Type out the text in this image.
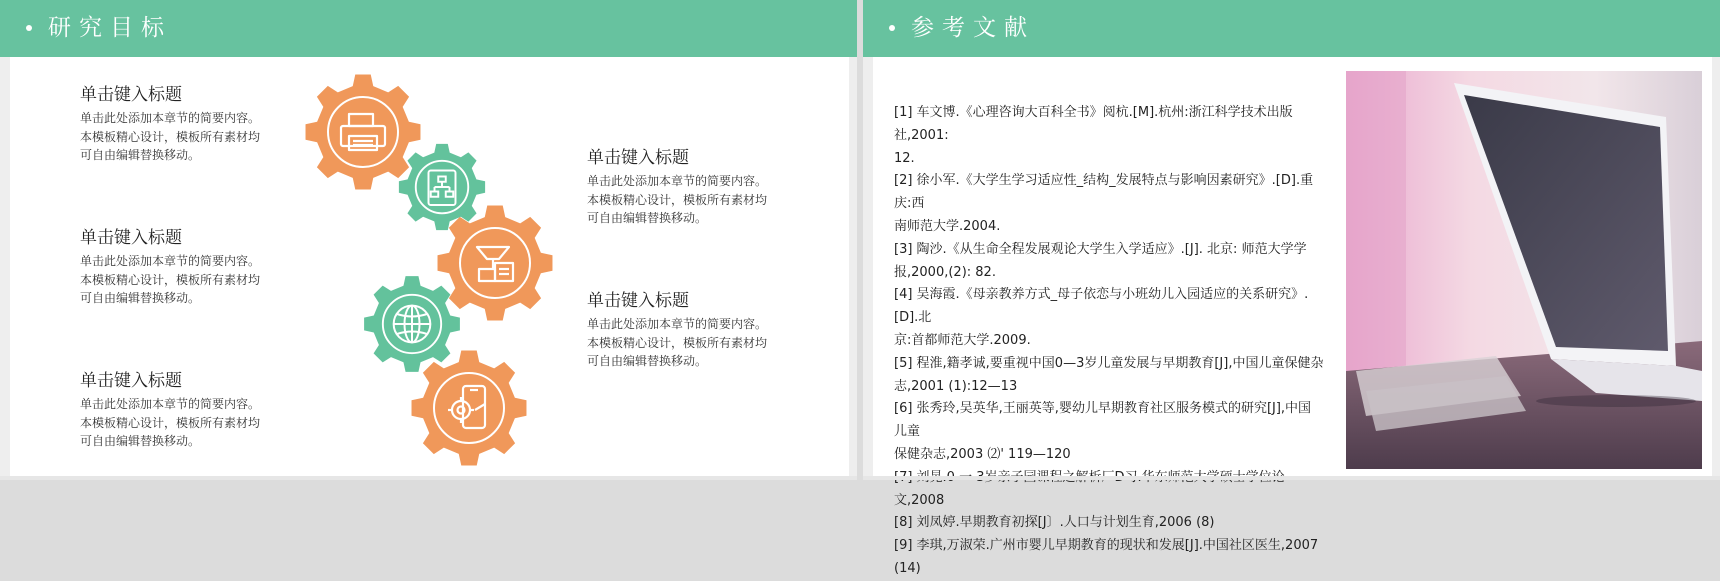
研究目标
单击键入标题
单击此处添加本章节的简要内容。
本模板精心设计，模板所有素材均
可自由编辑替换移动。
单击键入标题
单击此处添加本章节的简要内容。
本模板精心设计，模板所有素材均
可自由编辑替换移动。
单击键入标题
单击此处添加本章节的简要内容。
本模板精心设计，模板所有素材均
可自由编辑替换移动。
单击键入标题
单击此处添加本章节的简要内容。
本模板精心设计，模板所有素材均
可自由编辑替换移动。
单击键入标题
单击此处添加本章节的简要内容。
本模板精心设计，模板所有素材均
可自由编辑替换移动。
参考文献
[1] 车文博.《心理咨询大百科全书》阅杭.[M].杭州:浙江科学技术出版社,2001:
12.
[2] 徐小军.《大学生学习适应性_结构_发展特点与影响因素研究》.[D].重庆:西
南师范大学.2004.
[3] 陶沙.《从生命全程发展观论大学生入学适应》.[J]. 北京: 师范大学学
报,2000,(2): 82.
[4] 吴海霞.《母亲教养方式_母子依恋与小班幼儿入园适应的关系研究》.[D].北
京:首都师范大学.2009.
[5] 程淮,籍孝诚,要重视中国0—3岁儿童发展与早期教育[J],中国儿童保健杂
志,2001 (1):12—13
[6] 张秀玲,吴英华,王丽英等,婴幼儿早期教育社区服务模式的研究[J],中国儿童
保健杂志,2003 ⑵' 119—120
文,2008
[8] 刘凤婷.早期教育初探[J〕.人口与计划生育,2006 (8)
[9] 李琪,万淑荣.广州市婴儿早期教育的现状和发展[J].中国社区医生,2007
(14)
